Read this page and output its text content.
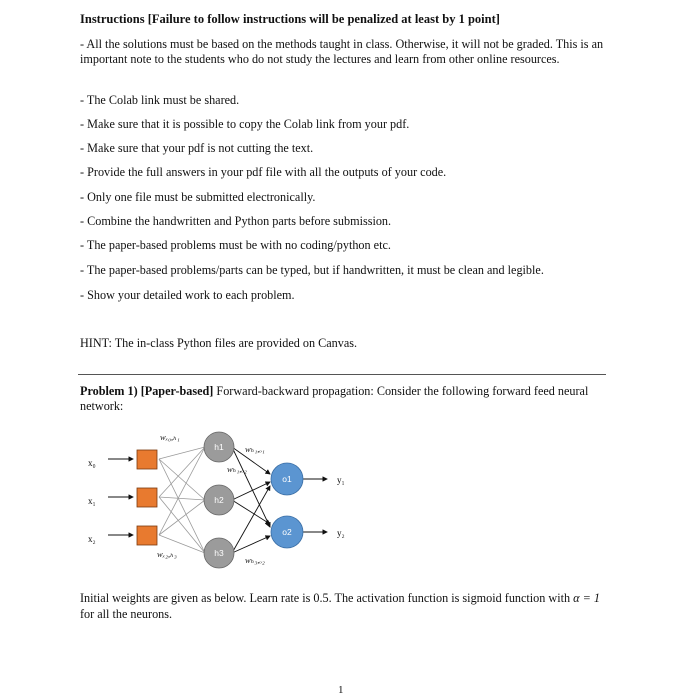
Instructions [Failure to follow instructions will be penalized at least by 1 point]
- All the solutions must be based on the methods taught in class. Otherwise, it will not be graded. This is an important note to the students who do not study the lectures and learn from other online resources.
- The Colab link must be shared.
- Make sure that it is possible to copy the Colab link from your pdf.
- Make sure that your pdf is not cutting the text.
- Provide the full answers in your pdf file with all the outputs of your code.
- Only one file must be submitted electronically.
- Combine the handwritten and Python parts before submission.
- The paper-based problems must be with no coding/python etc.
- The paper-based problems/parts can be typed, but if handwritten, it must be clean and legible.
- Show your detailed work to each problem.
HINT: The in-class Python files are provided on Canvas.
Problem 1) [Paper-based] Forward-backward propagation: Consider the following forward feed neural network:
h1
h2
h3
o1
o2
x₀
x₁
x₂
y₁
y₂
wₓ₀,ₕ₁
wₕ₁,ₒ₁
wₕ₁,ₒ₂
wₓ₂,ₕ₃
wₕ₃,ₒ₂
Initial weights are given as below. Learn rate is 0.5. The activation function is sigmoid function with α = 1 for all the neurons.
1
